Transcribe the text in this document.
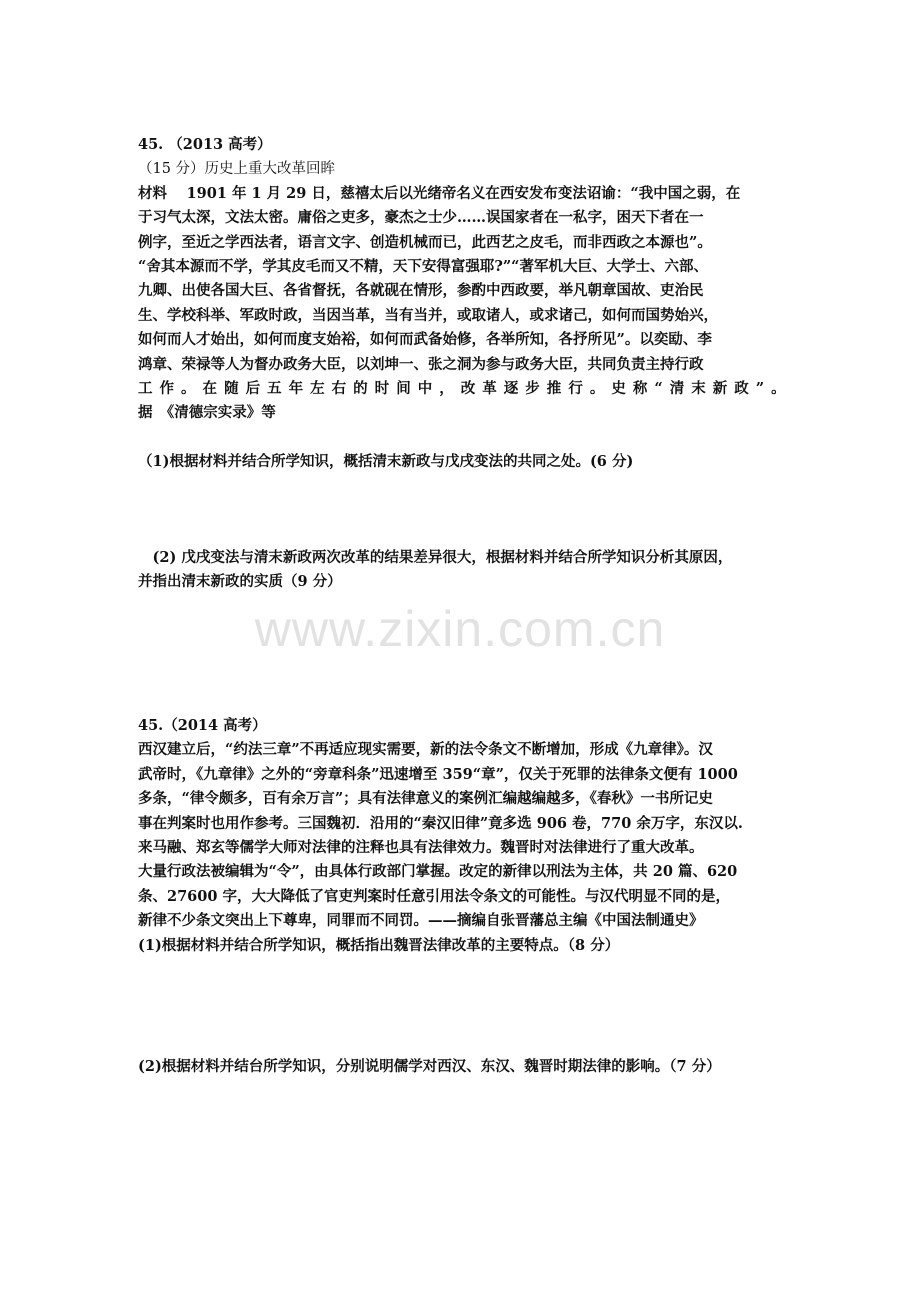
45. （2013 高考）
（15 分）历史上重大改革回眸
材料　 1901 年 1 月 29 日，慈禧太后以光绪帝名义在西安发布变法诏谕：“我中国之弱，在
于习气太深，文法太密。庸俗之吏多，豪杰之士少……误国家者在一私字，困天下者在一
例字，至近之学西法者，语言文字、创造机械而已，此西艺之皮毛，而非西政之本源也”。
“舍其本源而不学，学其皮毛而又不精，天下安得富强耶?”“著军机大巨、大学士、六部、
九卿、出使各国大巨、各省督抚，各就砚在情形，参酌中西政要，举凡朝章国故、吏治民
生、学校科举、军政时政，当因当革，当有当并，或取诸人，或求诸己，如何而国势始兴，
如何而人才始出，如何而度支始裕，如何而武备始修，各举所知，各抒所见”。以奕劻、李
鸿章、荣禄等人为督办政务大臣，以刘坤一、张之洞为参与政务大臣，共同负责主持行政
工 作 。 在 随 后 五 年 左 右 的 时 间 中 ， 改 革 逐 步 推 行 。 史 称 “ 清 末 新 政 ” 。
据　《清德宗实录》等
（1)根据材料并结合所学知识，概括清末新政与戊戌变法的共同之处。(6 分)
　(2) 戊戌变法与清末新政两次改革的结果差异很大，根据材料并结合所学知识分析其原因，
并指出清末新政的实质（9 分）
www.zixin.com.cn
45.（2014 高考）
西汉建立后，“约法三章”不再适应现实需要，新的法令条文不断增加，形成《九章律》。汉
武帝时，《九章律》之外的“旁章科条”迅速增至 359“章”，仅关于死罪的法律条文便有 1000
多条，“律令颇多，百有余万言”；具有法律意义的案例汇编越编越多，《春秋》一书所记史
事在判案时也用作参考。三国魏初．沿用的“秦汉旧律”竟多选 906 卷，770 余万字，东汉以.
来马融、郑玄等儒学大师对法律的注释也具有法律效力。魏晋时对法律进行了重大改革。
大量行政法被编辑为“令”，由具体行政部门掌握。改定的新律以刑法为主体，共 20 篇、620
条、27600 字，大大降低了官吏判案时任意引用法令条文的可能性。与汉代明显不同的是，
新律不少条文突出上下尊卑，同罪而不同罚。——摘编自张晋藩总主编《中国法制通史》
(1)根据材料并结合所学知识，概括指出魏晋法律改革的主要特点。（8 分）
(2)根据材料并结台所学知识，分别说明儒学对西汉、东汉、魏晋时期法律的影响。（7 分）
